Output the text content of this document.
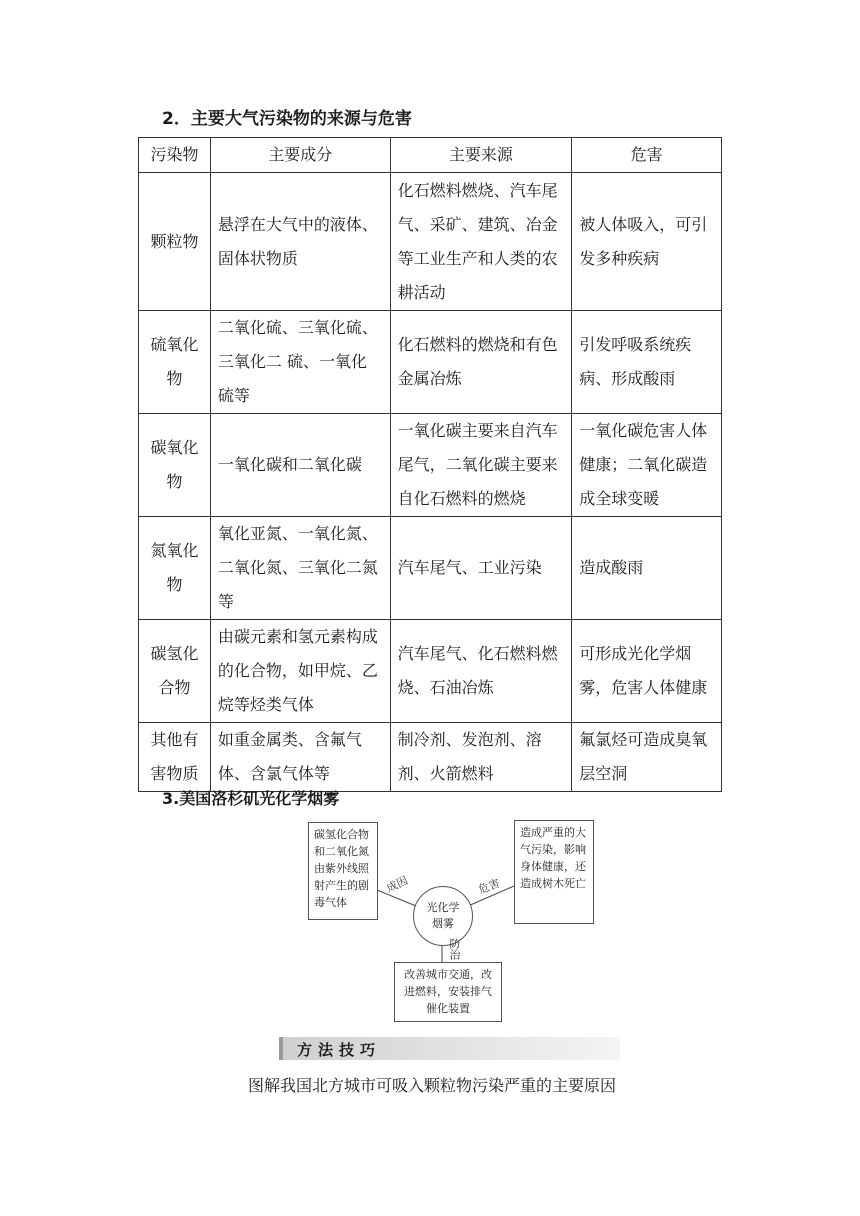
2．主要大气污染物的来源与危害
污染物	主要成分	主要来源	危害
颗粒物	悬浮在大气中的液体、固体状物质	化石燃料燃烧、汽车尾气、采矿、建筑、冶金等工业生产和人类的农耕活动	被人体吸入，可引发多种疾病
硫氧化物	二氧化硫、三氧化硫、三氧化二 硫、一氧化硫等	化石燃料的燃烧和有色金属冶炼	引发呼吸系统疾病、形成酸雨
碳氧化物	一氧化碳和二氧化碳	一氧化碳主要来自汽车尾气，二氧化碳主要来自化石燃料的燃烧	一氧化碳危害人体健康；二氧化碳造成全球变暖
氮氧化物	氧化亚氮、一氧化氮、二氧化氮、三氧化二氮等	汽车尾气、工业污染	造成酸雨
碳氢化合物	由碳元素和氢元素构成的化合物，如甲烷、乙烷等烃类气体	汽车尾气、化石燃料燃烧、石油冶炼	可形成光化学烟雾，危害人体健康
其他有害物质	如重金属类、含氟气体、含氯气体等	制冷剂、发泡剂、溶剂、火箭燃料	氟氯烃可造成臭氧层空洞
3.美国洛杉矶光化学烟雾
碳氢化合物和二氧化氮由紫外线照射产生的剧毒气体
成因
光化学烟雾
危害
造成严重的大气污染，影响身体健康，还造成树木死亡
防治
改善城市交通，改进燃料，安装排气催化装置
方法技巧
图解我国北方城市可吸入颗粒物污染严重的主要原因
